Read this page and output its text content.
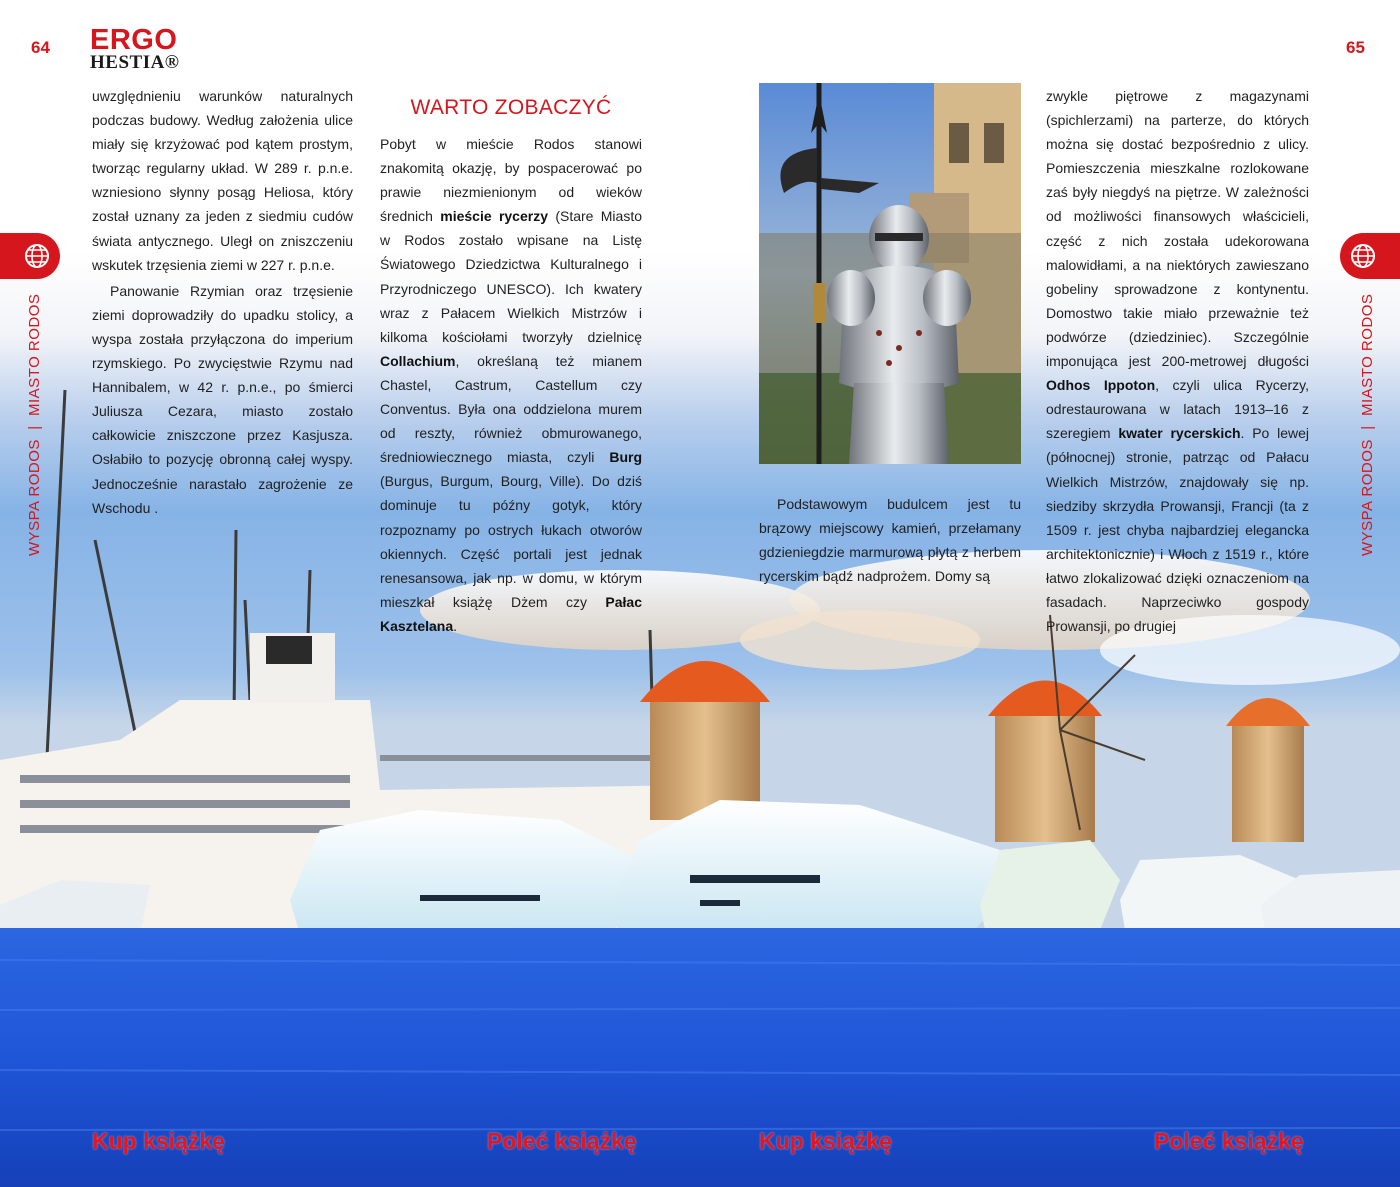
64	65
ERGO
HESTIA®
WYSPA RODOS  |  MIASTO RODOS
WYSPA RODOS  |  MIASTO RODOS

uwzględnieniu warunków naturalnych podczas budowy. Według założenia ulice miały się krzyżować pod kątem prostym, tworząc regularny układ. W 289 r. p.n.e. wzniesiono słynny posąg Heliosa, który został uznany za jeden z siedmiu cudów świata antycznego. Uległ on zniszczeniu wskutek trzęsienia ziemi w 227 r. p.n.e.

Panowanie Rzymian oraz trzęsienie ziemi doprowadziły do upadku stolicy, a wyspa została przyłączona do imperium rzymskiego. Po zwycięstwie Rzymu nad Hannibalem, w 42 r. p.n.e., po śmierci Juliusza Cezara, miasto zostało całkowicie zniszczone przez Kasjusza. Osłabiło to pozycję obronną całej wyspy. Jednocześnie narastało zagrożenie ze Wschodu .

WARTO ZOBACZYĆ

Pobyt w mieście Rodos stanowi znakomitą okazję, by pospacerować po prawie niezmienionym od wieków średnich mieście rycerzy (Stare Miasto w Rodos zostało wpisane na Listę Światowego Dziedzictwa Kulturalnego i Przyrodniczego UNESCO). Ich kwatery wraz z Pałacem Wielkich Mistrzów i kilkoma kościołami tworzyły dzielnicę Collachium, określaną też mianem Chastel, Castrum, Castellum czy Conventus. Była ona oddzielona murem od reszty, również obmurowanego, średniowiecznego miasta, czyli Burg (Burgus, Burgum, Bourg, Ville). Do dziś dominuje tu późny gotyk, który rozpoznamy po ostrych łukach otworów okiennych. Część portali jest jednak renesansowa, jak np. w domu, w którym mieszkał książę Dżem czy Pałac Kasztelana.

Podstawowym budulcem jest tu brązowy miejscowy kamień, przełamany gdzieniegdzie marmurową płytą z herbem rycerskim bądź nadprożem. Domy są

zwykle piętrowe z magazynami (spichlerzami) na parterze, do których można się dostać bezpośrednio z ulicy. Pomieszczenia mieszkalne rozlokowane zaś były niegdyś na piętrze. W zależności od możliwości finansowych właścicieli, część z nich została udekorowana malowidłami, a na niektórych zawieszano gobeliny sprowadzone z kontynentu. Domostwo takie miało przeważnie też podwórze (dziedziniec). Szczególnie imponująca jest 200-metrowej długości Odhos Ippoton, czyli ulica Rycerzy, odrestaurowana w latach 1913–16 z szeregiem kwater rycerskich. Po lewej (północnej) stronie, patrząc od Pałacu Wielkich Mistrzów, znajdowały się np. siedziby skrzydła Prowansji, Francji (ta z 1509 r. jest chyba najbardziej elegancka architektonicznie) i Włoch z 1519 r., które łatwo zlokalizować dzięki oznaczeniom na fasadach. Naprzeciwko gospody Prowansji, po drugiej

Kup książkę	Poleć książkę	Kup książkę	Poleć książkę
